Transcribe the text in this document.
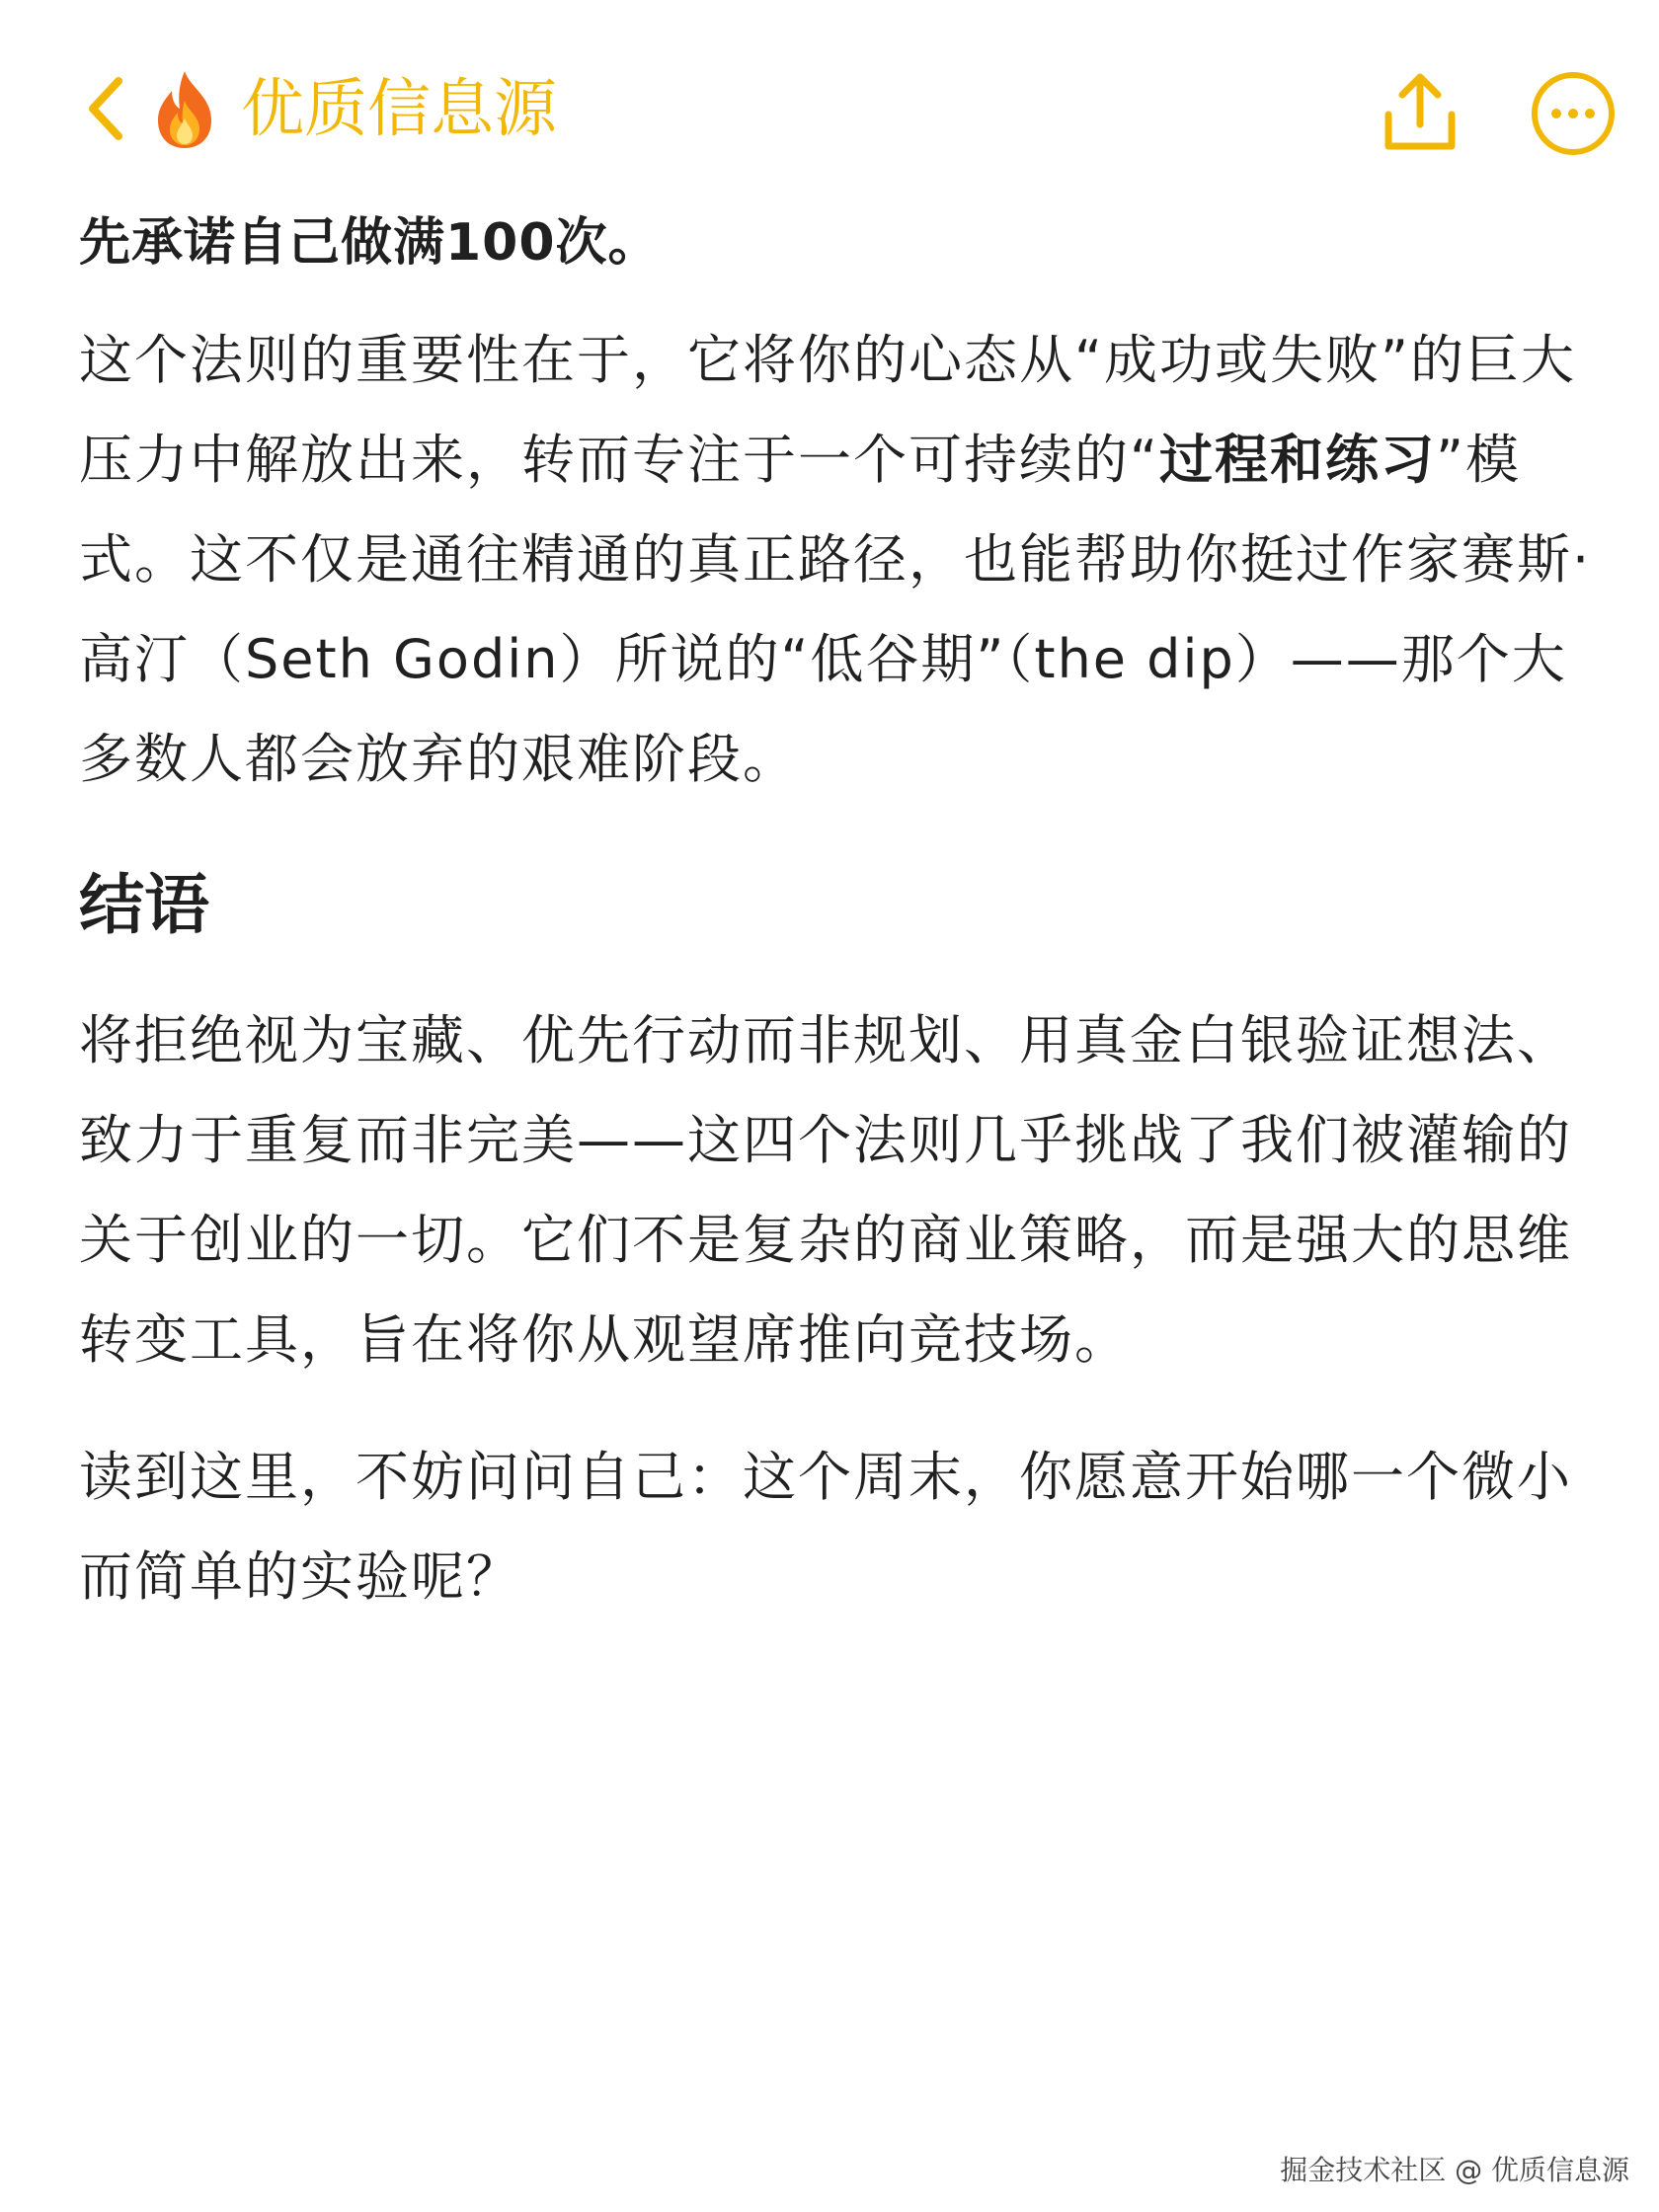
优质信息源

先承诺自己做满100次。

这个法则的重要性在于，它将你的心态从“成功或失败”的巨大压力中解放出来，转而专注于一个可持续的“过程和练习”模式。这不仅是通往精通的真正路径，也能帮助你挺过作家赛斯·高汀（Seth Godin）所说的“低谷期”（the dip）——那个大多数人都会放弃的艰难阶段。

结语

将拒绝视为宝藏、优先行动而非规划、用真金白银验证想法、致力于重复而非完美——这四个法则几乎挑战了我们被灌输的关于创业的一切。它们不是复杂的商业策略，而是强大的思维转变工具，旨在将你从观望席推向竞技场。

读到这里，不妨问问自己：这个周末，你愿意开始哪一个微小而简单的实验呢？

掘金技术社区 @ 优质信息源
